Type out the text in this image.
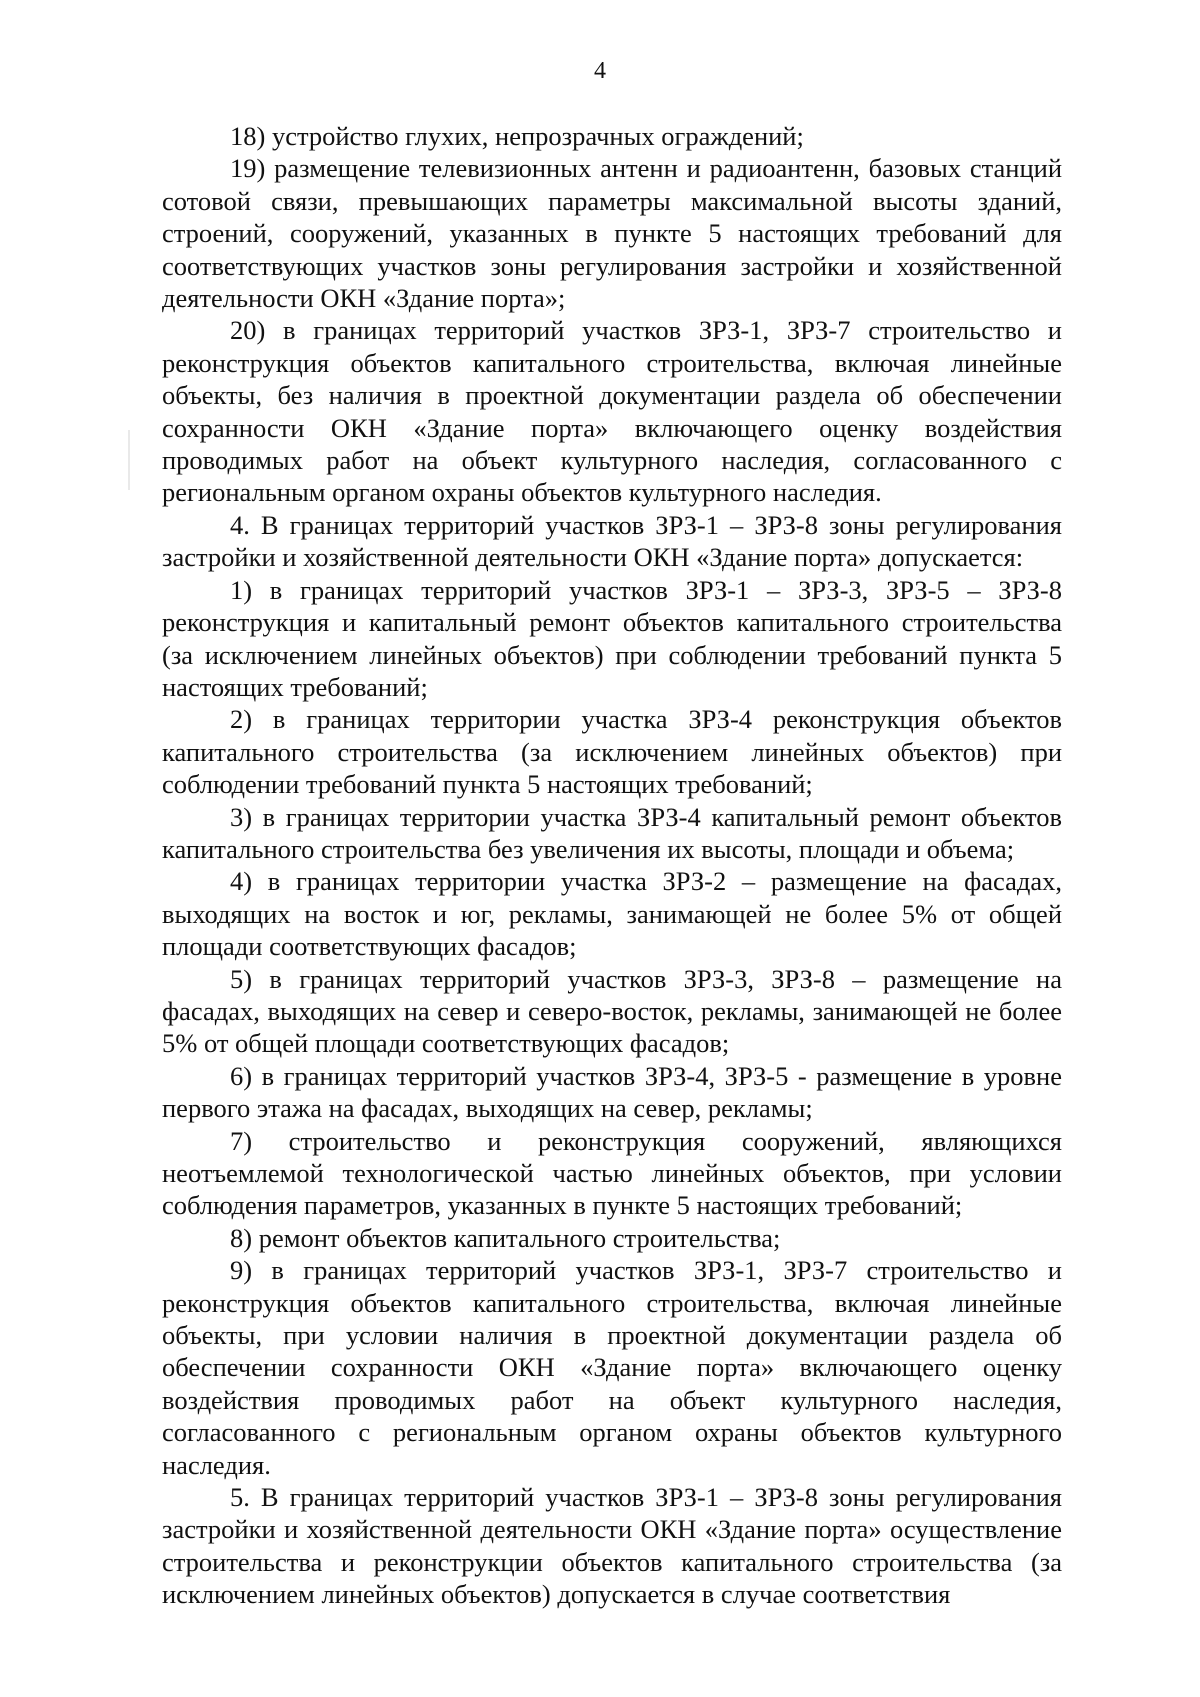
4

18) устройство глухих, непрозрачных ограждений;

19) размещение телевизионных антенн и радиоантенн, базовых станций сотовой связи, превышающих параметры максимальной высоты зданий, строений, сооружений, указанных в пункте 5 настоящих требований для соответствующих участков зоны регулирования застройки и хозяйственной деятельности ОКН «Здание порта»;

20) в границах территорий участков ЗРЗ-1, ЗРЗ-7 строительство и реконструкция объектов капитального строительства, включая линейные объекты, без наличия в проектной документации раздела об обеспечении сохранности ОКН «Здание порта» включающего оценку воздействия проводимых работ на объект культурного наследия, согласованного с региональным органом охраны объектов культурного наследия.

4. В границах территорий участков ЗРЗ-1 – ЗРЗ-8 зоны регулирования застройки и хозяйственной деятельности ОКН «Здание порта» допускается:

1) в границах территорий участков ЗРЗ-1 – ЗРЗ-3, ЗРЗ-5 – ЗРЗ-8 реконструкция и капитальный ремонт объектов капитального строительства (за исключением линейных объектов) при соблюдении требований пункта 5 настоящих требований;

2) в границах территории участка ЗРЗ-4 реконструкция объектов капитального строительства (за исключением линейных объектов) при соблюдении требований пункта 5 настоящих требований;

3) в границах территории участка ЗРЗ-4 капитальный ремонт объектов капитального строительства без увеличения их высоты, площади и объема;

4) в границах территории участка ЗРЗ-2 – размещение на фасадах, выходящих на восток и юг, рекламы, занимающей не более 5% от общей площади соответствующих фасадов;

5) в границах территорий участков ЗРЗ-3, ЗРЗ-8 – размещение на фасадах, выходящих на север и северо-восток, рекламы, занимающей не более 5% от общей площади соответствующих фасадов;

6) в границах территорий участков ЗРЗ-4, ЗРЗ-5 - размещение в уровне первого этажа на фасадах, выходящих на север, рекламы;

7) строительство и реконструкция сооружений, являющихся неотъемлемой технологической частью линейных объектов, при условии соблюдения параметров, указанных в пункте 5 настоящих требований;

8) ремонт объектов капитального строительства;

9) в границах территорий участков ЗРЗ-1, ЗРЗ-7 строительство и реконструкция объектов капитального строительства, включая линейные объекты, при условии наличия в проектной документации раздела об обеспечении сохранности ОКН «Здание порта» включающего оценку воздействия проводимых работ на объект культурного наследия, согласованного с региональным органом охраны объектов культурного наследия.

5. В границах территорий участков ЗРЗ-1 – ЗРЗ-8 зоны регулирования застройки и хозяйственной деятельности ОКН «Здание порта» осуществление строительства и реконструкции объектов капитального строительства (за исключением линейных объектов) допускается в случае соответствия
